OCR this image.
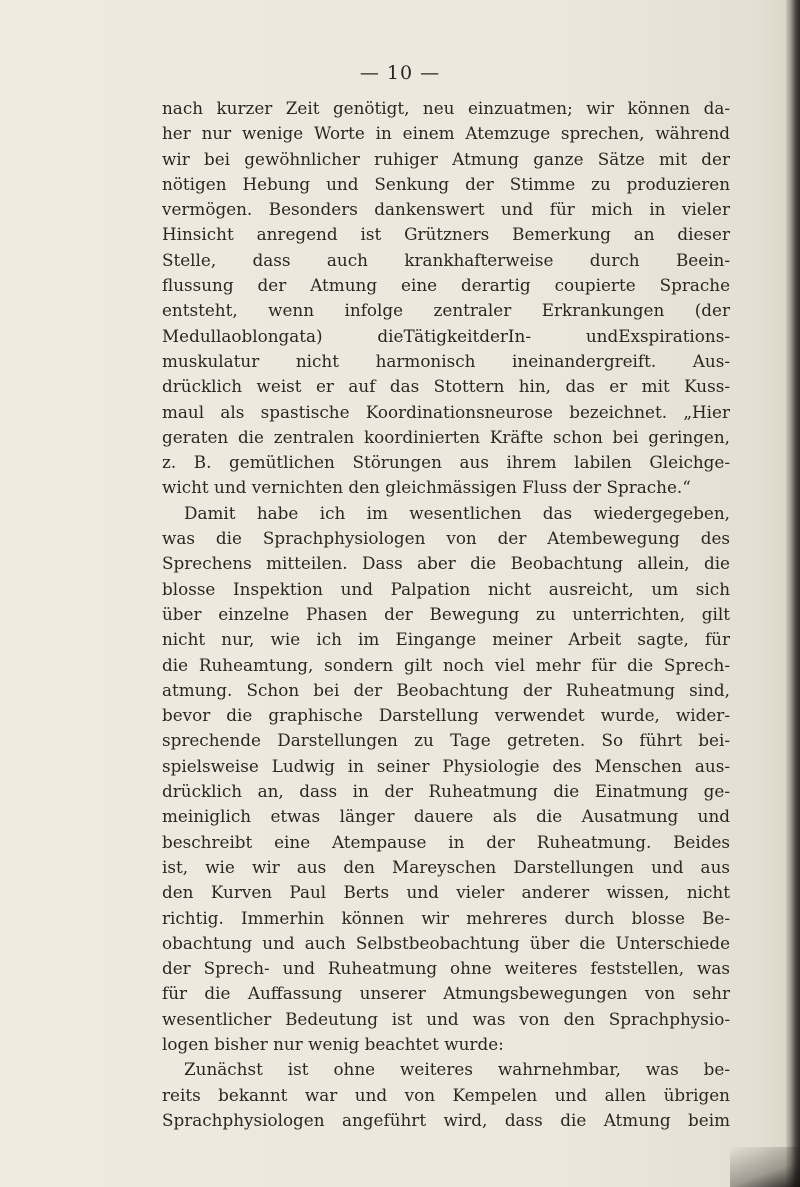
— 10 —
nach kurzer Zeit genötigt, neu einzuatmen; wir können da-
her nur wenige Worte in einem Atemzuge sprechen, während
wir bei gewöhnlicher ruhiger Atmung ganze Sätze mit der
nötigen Hebung und Senkung der Stimme zu produzieren
vermögen. Besonders dankenswert und für mich in vieler
Hinsicht anregend ist Grützners Bemerkung an dieser
Stelle, dass auch krankhafterweise durch Beein-
flussung der Atmung eine derartig coupierte Sprache
entsteht, wenn infolge zentraler Erkrankungen (der
Medullaoblongata) dieTätigkeitderIn- undExspirations-
muskulatur nicht harmonisch ineinandergreift. Aus-
drücklich weist er auf das Stottern hin, das er mit Kuss-
maul als spastische Koordinationsneurose bezeichnet. „Hier
geraten die zentralen koordinierten Kräfte schon bei geringen,
z. B. gemütlichen Störungen aus ihrem labilen Gleichge-
wicht und vernichten den gleichmässigen Fluss der Sprache.“
Damit habe ich im wesentlichen das wiedergegeben,
was die Sprachphysiologen von der Atembewegung des
Sprechens mitteilen. Dass aber die Beobachtung allein, die
blosse Inspektion und Palpation nicht ausreicht, um sich
über einzelne Phasen der Bewegung zu unterrichten, gilt
nicht nur, wie ich im Eingange meiner Arbeit sagte, für
die Ruheamtung, sondern gilt noch viel mehr für die Sprech-
atmung. Schon bei der Beobachtung der Ruheatmung sind,
bevor die graphische Darstellung verwendet wurde, wider-
sprechende Darstellungen zu Tage getreten. So führt bei-
spielsweise Ludwig in seiner Physiologie des Menschen aus-
drücklich an, dass in der Ruheatmung die Einatmung ge-
meiniglich etwas länger dauere als die Ausatmung und
beschreibt eine Atempause in der Ruheatmung. Beides
ist, wie wir aus den Mareyschen Darstellungen und aus
den Kurven Paul Berts und vieler anderer wissen, nicht
richtig. Immerhin können wir mehreres durch blosse Be-
obachtung und auch Selbstbeobachtung über die Unterschiede
der Sprech- und Ruheatmung ohne weiteres feststellen, was
für die Auffassung unserer Atmungsbewegungen von sehr
wesentlicher Bedeutung ist und was von den Sprachphysio-
logen bisher nur wenig beachtet wurde:
Zunächst ist ohne weiteres wahrnehmbar, was be-
reits bekannt war und von Kempelen und allen übrigen
Sprachphysiologen angeführt wird, dass die Atmung beim
